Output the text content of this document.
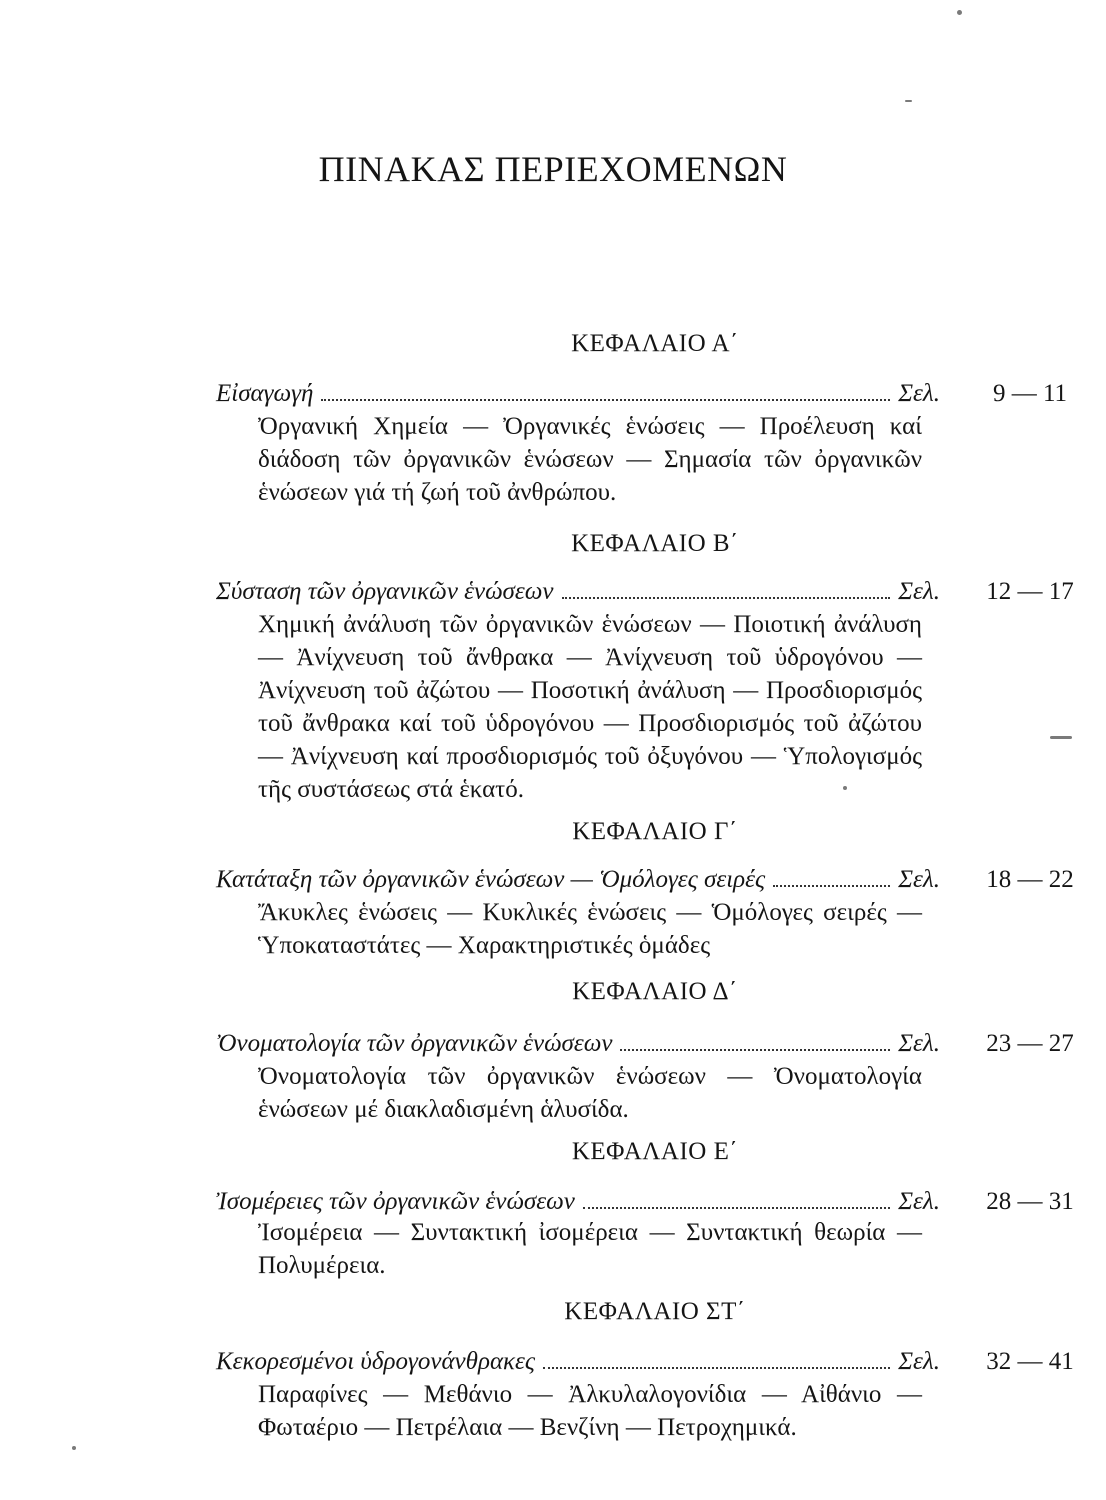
ΠΙΝΑΚΑΣ ΠΕΡΙΕΧΟΜΕΝΩΝ
ΚΕΦΑΛΑΙΟ Α΄
Εἰσαγωγή	Σελ.	9 — 11

Ὀργανική Χημεία — Ὀργανικές ἑνώσεις — Προέλευση καί διάδοση τῶν ὀργανικῶν ἑνώσεων — Σημασία τῶν ὀργανικῶν ἑνώσεων γιά τή ζωή τοῦ ἀνθρώπου.

ΚΕΦΑΛΑΙΟ Β΄
Σύσταση τῶν ὀργανικῶν ἑνώσεων	Σελ.	12 — 17

Χημική ἀνάλυση τῶν ὀργανικῶν ἑνώσεων — Ποιοτική ἀνάλυση — Ἀνίχνευση τοῦ ἄνθρακα — Ἀνίχνευση τοῦ ὑδρογόνου — Ἀνίχνευση τοῦ ἀζώτου — Ποσοτική ἀνάλυση — Προσδιορισμός τοῦ ἄνθρακα καί τοῦ ὑδρογόνου — Προσδιορισμός τοῦ ἀζώτου — Ἀνίχνευση καί προσδιορισμός τοῦ ὀξυγόνου — Ὑπολογισμός τῆς συστάσεως στά ἑκατό.

ΚΕΦΑΛΑΙΟ Γ΄
Κατάταξη τῶν ὀργανικῶν ἑνώσεων — Ὁμόλογες σειρές	Σελ.	18 — 22

Ἄκυκλες ἑνώσεις — Κυκλικές ἑνώσεις — Ὁμόλογες σειρές — Ὑποκαταστάτες — Χαρακτηριστικές ὁμάδες

ΚΕΦΑΛΑΙΟ Δ΄
Ὀνοματολογία τῶν ὀργανικῶν ἑνώσεων	Σελ.	23 — 27

Ὀνοματολογία τῶν ὀργανικῶν ἑνώσεων — Ὀνοματολογία ἑνώσεων μέ διακλαδισμένη ἁλυσίδα.

ΚΕΦΑΛΑΙΟ Ε΄
Ἰσομέρειες τῶν ὀργανικῶν ἑνώσεων	Σελ.	28 — 31

Ἰσομέρεια — Συντακτική ἰσομέρεια — Συντακτική θεωρία — Πολυμέρεια.

ΚΕΦΑΛΑΙΟ ΣΤ΄
Κεκορεσμένοι ὑδρογονάνθρακες	Σελ.	32 — 41

Παραφίνες — Μεθάνιο — Ἀλκυλαλογονίδια — Αἰθάνιο — Φωταέριο — Πετρέλαια — Βενζίνη — Πετροχημικά.
